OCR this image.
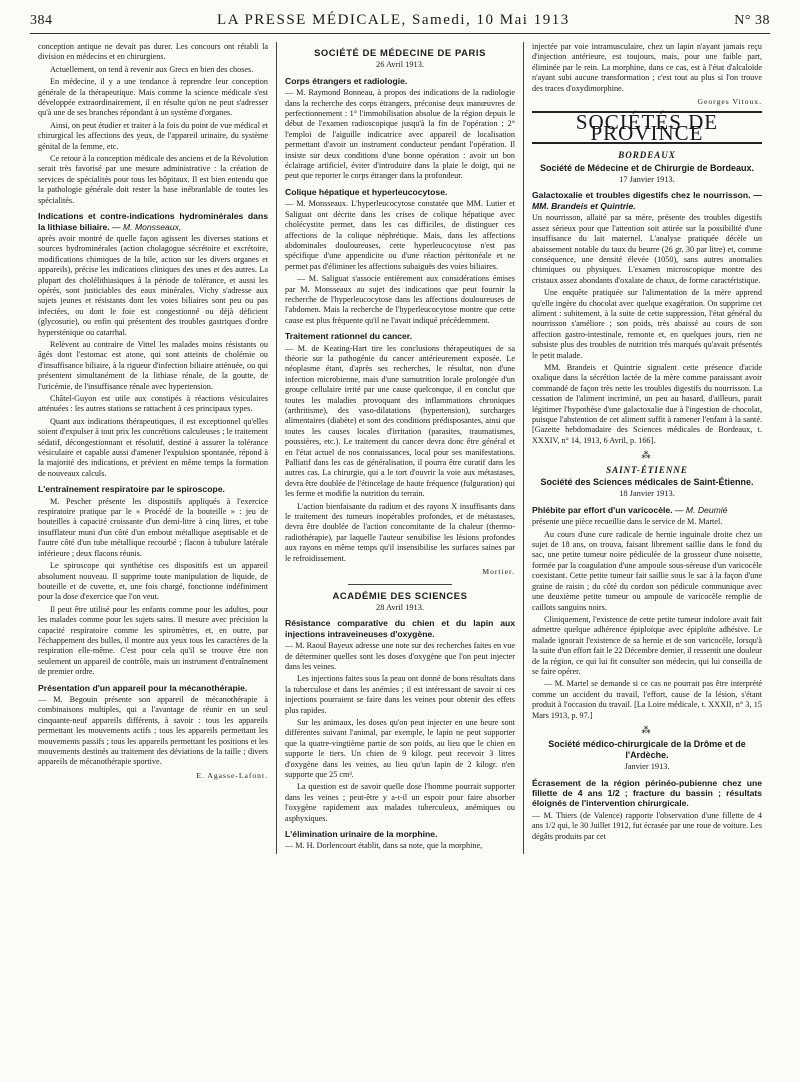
384	LA PRESSE MÉDICALE, Samedi, 10 Mai 1913	N° 38

conception antique ne devait pas durer. Les concours ont rétabli la division en médecins et en chirurgiens.

Actuellement, on tend à revenir aux Grecs en bien des choses.

En médecine, il y a une tendance à reprendre leur conception générale de la thérapeutique. Mais comme la science médicale s'est développée extraordinairement, il en résulte qu'on ne peut s'adresser qu'à une de ses branches répondant à un système d'organes.

Ainsi, on peut étudier et traiter à la fois du point de vue médical et chirurgical les affections des yeux, de l'appareil urinaire, du système génital de la femme, etc.

Ce retour à la conception médicale des anciens et de la Révolution serait très favorisé par une mesure administrative : la création de services de spécialités pour tous les hôpitaux. Il est bien entendu que la pathologie générale doit rester la base inébranlable de toutes les spécialités.

Indications et contre-indications hydrominérales dans la lithiase biliaire. — M. Monsseaux,

après avoir montré de quelle façon agissent les diverses stations et sources hydrominérales (action cholagogue sécrétoire et excrétoire, modifications chimiques de la bile, action sur les divers organes et appareils), précise les indications cliniques des unes et des autres. La plupart des cholélithiasiques à la période de tolérance, et aussi les opérés, sont justiciables des eaux minérales. Vichy s'adresse aux sujets jeunes et résistants dont les voies biliaires sont peu ou pas infectées, ou dont le foie est congestionné ou déjà déficient (glycosurie), ou enfin qui présentent des troubles gastriques d'ordre hypersténique ou catarrhal.

Relèvent au contraire de Vittel les malades moins résistants ou âgés dont l'estomac est atone, qui sont atteints de cholémie ou d'insuffisance biliaire, à la rigueur d'infection biliaire atténuée, ou qui présentent simultanément de la lithiase rénale, de la goutte, de l'uricémie, de l'insuffisance rénale avec hypertension.

Châtel-Guyon est utile aux constipés à réactions vésiculaires atténuées : les autres stations se rattachent à ces principaux types.

Quant aux indications thérapeutiques, il est exceptionnel qu'elles soient d'expulser à tout prix les concrétions calculeuses ; le traitement sédatif, décongestionnant et résolutif, destiné à assurer la tolérance vésiculaire et capable aussi d'amener l'expulsion spontanée, répond à la majorité des indications, et prévient en même temps la formation de nouveaux calculs.

L'entraînement respiratoire par le spiroscope.

M. Pescher présente les dispositifs appliqués à l'exercice respiratoire pratique par le « Procédé de la bouteille » : jeu de bouteilles à capacité croissante d'un demi-litre à cinq litres, et tube insufflateur muni d'un côté d'un embout métallique aseptisable et de l'autre côté d'un tube métallique recourbé ; flacon à tubulure latérale inférieure ; deux flacons réunis.

Le spiroscope qui synthétise ces dispositifs est un appareil absolument nouveau. Il supprime toute manipulation de liquide, de bouteille et de cuvette, et, une fois chargé, fonctionne indéfiniment pour la dose d'exercice que l'on veut.

Il peut être utilisé pour les enfants comme pour les adultes, pour les malades comme pour les sujets sains. Il mesure avec précision la capacité respiratoire comme les spiromètres, et, en outre, par l'échappement des bulles, il montre aux yeux tous les caractères de la respiration elle-même. C'est pour cela qu'il se trouve être non seulement un appareil de contrôle, mais un instrument d'entraînement de premier ordre.

Présentation d'un appareil pour la mécanothérapie.

— M. Begouin présente son appareil de mécanothérapie à combinaisons multiples, qui a l'avantage de réunir en un seul cinquante-neuf appareils différents, à savoir : tous les appareils permettant les mouvements actifs ; tous les appareils permettant les mouvements passifs ; tous les appareils permettant les positions et les mouvements destinés au traitement des déviations de la taille ; divers appareils de mécanothérapie sportive.

E. Agasse-Lafont.
SOCIÉTÉ DE MÉDECINE DE PARIS
26 Avril 1913.
Corps étrangers et radiologie.

— M. Raymond Bonneau, à propos des indications de la radiologie dans la recherche des corps étrangers, préconise deux manœuvres de perfectionnement : 1° l'immobilisation absolue de la région depuis le début de l'examen radioscopique jusqu'à la fin de l'opération ; 2° l'emploi de l'aiguille indicatrice avec appareil de localisation permettant d'avoir un instrument conducteur pendant l'opération. Il insiste sur deux conditions d'une bonne opération : avoir un bon éclairage artificiel, éviter d'introduire dans la plaie le doigt, qui ne peut que reporter le corps étranger dans la profondeur.

Colique hépatique et hyperleucocytose.

— M. Monsseaux. L'hyperleucocytose constatée que MM. Lutier et Saliguat ont décrite dans les crises de colique hépatique avec cholécystite permet, dans les cas difficiles, de distinguer ces affections de la colique néphrétique. Mais, dans les affections abdominales douloureuses, cette hyperleucocytose n'est pas spécifique d'une appendicite ou d'une réaction péritonéale et ne permet pas d'éliminer les affections subaiguës des voies biliaires.

— M. Saliguat s'associe entièrement aux considérations émises par M. Monsseaux au sujet des indications que peut fournir la recherche de l'hyperleucocytose dans les affections douloureuses de l'abdomen. Mais la recherche de l'hyperleucocytose montre que cette cause est plus fréquente qu'il ne l'avait indiqué précédemment.

Traitement rationnel du cancer.

— M. de Keating-Hart tire les conclusions thérapeutiques de sa théorie sur la pathogénie du cancer antérieurement exposée. Le néoplasme étant, d'après ses recherches, le résultat, non d'une infection microbienne, mais d'une surnutrition locale prolongée d'un groupe cellulaire irrité par une cause quelconque, il en conclut que toutes les maladies provoquant des inflammations chroniques (arthritisme), des vaso-dilatations (hypertension), surcharges alimentaires (diabète) et sont des conditions prédisposantes, ainsi que toutes les causes locales d'irritation (parasites, traumatismes, poussières, etc.). Le traitement du cancer devra donc être général et en l'état actuel de nos connaissances, local pour ses manifestations. Palliatif dans les cas de généralisation, il pourra être curatif dans les autres cas. La chirurgie, qui a le tort d'ouvrir la voie aux métastases, devra être doublée de l'étincelage de haute fréquence (fulguration) qui les ferme et modifie la nutrition du terrain.

L'action bienfaisante du radium et des rayons X insuffisants dans le traitement des tumeurs inopérables profondes, et de métastases, devra être doublée de l'action concomitante de la chaleur (thermo-radiothérapie), par laquelle l'auteur sensibilise les lésions profondes aux rayons en même temps qu'il insensibilise les surfaces saines par le refroidissement.

Mortier.
ACADÉMIE DES SCIENCES
28 Avril 1913.
Résistance comparative du chien et du lapin aux injections intraveineuses d'oxygène.

— M. Raoul Bayeux adresse une note sur des recherches faites en vue de déterminer quelles sont les doses d'oxygène que l'on peut injecter dans les veines.

Les injections faites sous la peau ont donné de bons résultats dans la tuberculose et dans les anémies ; il est intéressant de savoir si ces injections pourraient se faire dans les veines pour obtenir des effets plus rapides.

Sur les animaux, les doses qu'on peut injecter en une heure sont différentes suivant l'animal, par exemple, le lapin ne peut supporter que la quatre-vingtième partie de son poids, au lieu que le chien en supporte le tiers. Un chien de 9 kilogr. peut recevoir 3 litres d'oxygène dans les veines, au lieu qu'un lapin de 2 kilogr. n'en supporte que 25 cm³.

La question est de savoir quelle dose l'homme pourrait supporter dans les veines ; peut-être y a-t-il un espoir pour faire absorber l'oxygène rapidement aux malades tuberculeux, anémiques ou asphyxiques.

L'élimination urinaire de la morphine.

— M. H. Dorlencourt établit, dans sa note, que la morphine,

injectée par voie intramusculaire, chez un lapin n'ayant jamais reçu d'injection antérieure, est toujours, mais, pour une faible part, éliminée par le rein. La morphine, dans ce cas, est à l'état d'alcaloïde n'ayant subi aucune transformation ; c'est tout au plus si l'on trouve des traces d'oxydimorphine.

Georges Vitoux.
SOCIÉTÉS DE PROVINCE
BORDEAUX
Société de Médecine et de Chirurgie de Bordeaux.
17 Janvier 1913.
Galactoxalie et troubles digestifs chez le nourrisson. — MM. Brandeis et Quintrie.

Un nourrisson, allaité par sa mère, présente des troubles digestifs assez sérieux pour que l'attention soit attirée sur la possibilité d'une insuffisance du lait maternel. L'analyse pratiquée décèle un abaissement notable du taux du beurre (26 gr. 30 par litre) et, comme conséquence, une densité élevée (1050), sans autres anomalies chimiques ou physiques. L'examen microscopique montre des cristaux assez abondants d'oxalate de chaux, de forme caractéristique.

Une enquête pratiquée sur l'alimentation de la mère apprend qu'elle ingère du chocolat avec quelque exagération. On supprime cet aliment : subitement, à la suite de cette suppression, l'état général du nourrisson s'améliore ; son poids, très abaissé au cours de son affection gastro-intestinale, remonte et, en quelques jours, rien ne subsiste plus des troubles de nutrition très marqués qu'avait présentés le petit malade.

MM. Brandeis et Quintrie signalent cette présence d'acide oxalique dans la sécrétion lactée de la mère comme paraissant avoir commandé de façon très nette les troubles digestifs du nourrisson. La cessation de l'aliment incriminé, un peu au hasard, d'ailleurs, parait légitimer l'hypothèse d'une galactoxalie due à l'ingestion de chocolat, puisque l'abstention de cet aliment suffit à ramener l'enfant à la santé. [Gazette hebdomadaire des Sciences médicales de Bordeaux, t. XXXIV, n° 14, 1913, 6 Avril, p. 166].

⁂
SAINT-ÉTIENNE
Société des Sciences médicales de Saint-Étienne.
18 Janvier 1913.
Phlébite par effort d'un varicocèle. — M. Deumié

présente une pièce recueillie dans le service de M. Martel.

Au cours d'une cure radicale de hernie inguinale droite chez un sujet de 18 ans, on trouva, faisant librement saillie dans le fond du sac, une petite tumeur noire pédiculée de la grosseur d'une noisette, formée par la coagulation d'une ampoule sous-séreuse d'un varicocèle coexistant. Cette petite tumeur fait saillie sous le sac à la façon d'une graine de raisin ; du côté du cordon son pédicule communique avec une deuxième petite tumeur ou ampoule de varicocèle remplie de caillots sanguins noirs.

Cliniquement, l'existence de cette petite tumeur indolore avait fait admettre quelque adhérence épiploïque avec épiploïte adhésive. Le malade ignorait l'existence de sa hernie et de son varicocèle, lorsqu'à la suite d'un effort fait le 22 Décembre dernier, il ressentit une douleur de la région, ce qui lui fit consulter son médecin, qui lui conseilla de se faire opérer.

— M. Martel se demande si ce cas ne pourrait pas être interprété comme un accident du travail, l'effort, cause de la lésion, s'étant produit à l'occasion du travail. [La Loire médicale, t. XXXII, n° 3, 15 Mars 1913, p. 97.]

⁂
Société médico-chirurgicale de la Drôme et de l'Ardèche.
Janvier 1913.
Écrasement de la région périnéo-pubienne chez une fillette de 4 ans 1/2 ; fracture du bassin ; résultats éloignés de l'intervention chirurgicale.

— M. Thiers (de Valence) rapporte l'observation d'une fillette de 4 ans 1/2 qui, le 30 Juillet 1912, fut écrasée par une roue de voiture. Les dégâts produits par cet
